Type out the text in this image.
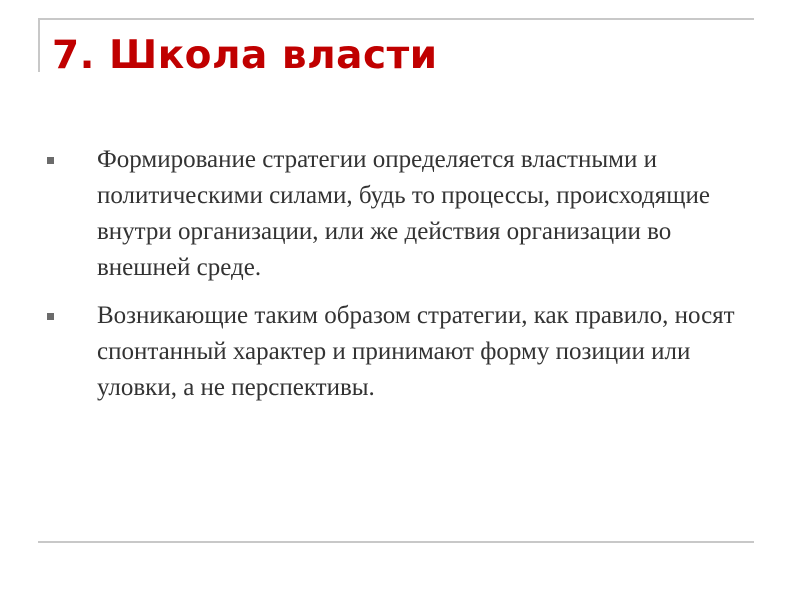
7. Школа власти
Формирование стратегии определяется властными и политическими силами, будь то процессы, происходящие внутри организации, или же действия организации во внешней среде.
Возникающие таким образом стратегии, как правило, носят спонтанный характер и принимают форму позиции или уловки, а не перспективы.
